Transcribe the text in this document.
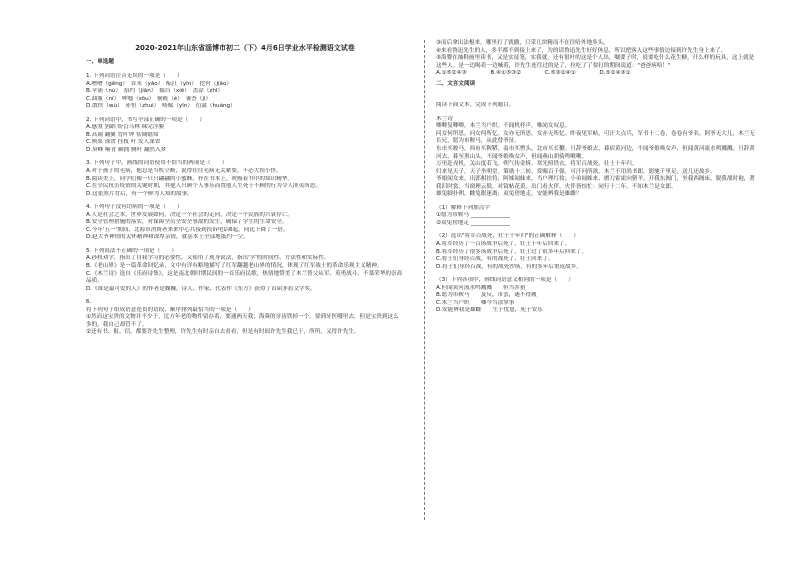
2020-2021年山东省淄博市初二（下）4月6日学业水平检测语文试卷
一、单选题
1. 下列词语注音无误的一项是（　　）
A.嘈嘈（gěng）　首末（yǎo）　酝扛（yǐn）　挖衬（jiǎo）
B.苹涌（nù）　招约（jiān）　揣诌（xiē）　盖涂（zhǐ）
C.油瓶（ní）　呷嗤（sōu）　剔筱（è）　萋荟（jì）
D.散佚（wù）　赤恒（zhuì）　畴赋（yǐn）　衍潢（huáng）
2. 下列词语中，书写全部正确的一项是（　　）
A.感煞 猖蹈 纷沓乌林 秣完浮膜
B.高调 翻翼 背叶钟 恬阔嬉知
C.颊果 深省 挂枝 叶 发人深省
D.屏峰 嗬青 御拥 侧叶 翻然入梦
3. 下列句子中，画线的词语使用不恰当的两项是（　　）
A.对于孩子的毛病，他总是当机立断，说得往往毛病无关紧要，不必大惊小怪。
B.阅读美上，同学们像一只只翩翩的小蜜蜂，扑在书本上，吮吸着书中的知识精华。
C.在全民抗击疫情的关键时期，其他人只顾个人事乐而置他人生死于不顾的行为令人匪夷所思。
D.这张照片背后，有一个鲜为人知的故事。
4. 下列句子没有语病的一项是（　　）
A.人是社会之本，世界发展如何，决定一个社会的走向，决定一个民族的兴衰存亡。
B.安全管理措施的落实，对保障全员全安全事故的发生，确保了学生的生命安全。
C.今年'五一'期间，北海市消费者来来中心共接到投诉电话6起，同比下降了一倍。
D.赵大爷神情的关怀精神和深厚亲情，就基本上全部地抵约一空。
5. 下列说法不正确的一项是（　　）
A.孙权劝学，指出了自我学习的必要性，又使用了现身说法，指出'学'的时间性、方法性和实际性。
B.《老山界》是一篇革命回忆录，文中有详有略地描写了红军翻越老山界的情况，体现了红军战士的革命乐观主义精神。
C.《木兰诗》选自《乐府诗集》，这是南北朝时期民间的一首乐府民歌，热情地赞美了木兰替父从军、英勇战斗、不慕荣华的崇高品质。
D.《谁是最可爱的人》的作者是魏巍，诗人、作家，代表作《东方》获得了首届茅盾文学奖。
6.
将下列句子组成语意连贯的语段，顺序排列最恰当的一项是（　　）
①然而这宝贵的文物并不少于，比方年老的物件留存着，要通两天我；海葵的牙齿铁掉一个，要到牙医哪里去，但是宝贵到这么多的，我自己却管不了。
②还有书、报、信，都要许先生整理，许先生有时亲自去看看，但是有时间许先生我已于，所所，又得许先生。
③而后拿出法棍来，哪里打了就撤，只采几块精而不在往哈外地多头。
④来看鲁迅先生的人，多半都不到接上来了，为的请鲁迅先生好好休息，所以把客人这些事情边接到许先生身上来了。
⑤海婴在抽鞋画里读书，又是实徒笔，实我就，还有很叶的这是个人出，嘱要子时，说要吃什么花生糖，什么样的玩具，这上就是这些人。是一边喝着一边喊着，许先生连往过的是了，拉吃了了要打的期间说道："爸爸病哈！"
A.①⑤②④③	B.④①⑤③②	C.⑤③②④①	D.⑤②④③①
二、文言文阅读
阅读下面文本，完成下列题目。
木兰诗
唧唧复唧唧，木兰当户织。不闻机杼声，唯闻女叹息。
问女何所思，问女何所忆。女亦无所思，女亦无所忆。昨夜见军帖，可汗大点兵，军书十二卷，卷卷有爷名。阿爷无大儿，木兰无长兄，愿为市鞍马，从此替爷征。
东市买骏马，西市买鞍鞯，南市买辔头，北市买长鞭。旦辞爷娘去，暮宿黄河边，不闻爷娘唤女声，但闻黄河流水鸣溅溅。旦辞黄河去，暮至黑山头，不闻爷娘唤女声，但闻燕山胡骑鸣啾啾。
万里赴戎机，关山度若飞。朔气传金柝，寒光照铁衣。将军百战死，壮士十年归。
归来见天子，天子坐明堂。策勋十二转，赏赐百千强。可汗问所欲，木兰不用尚书郎，愿驰千里足，送儿还故乡。
爷娘闻女来，出郭相扶将；阿姊闻妹来，当户理红妆；小弟闻姊来，磨刀霍霍向猪羊。开我东阁门，坐我西阁床，脱我战时袍，著我旧时裳。当窗理云鬓，对镜帖花黄。出门看火伴，火伴皆惊忙：同行十二年，不知木兰是女郎。
雄兔脚扑朔，雌兔眼迷离；双兔傍地走，安能辨我是雄雌？
（1）解释下列加点字
①愿为市鞍马 ______________
②双兔傍地走 ______________
（2）选出"将军百战死，壮士十年归"的正确解释（　　）
A.将军经历了一百场战争后死了，壮士十年后回来了。
B.将军经历了很多场战争后死了，壮士过了很多年后回来了。
C.将士们身经百战，有的战死了，壮士回来了。
D.将士们身经百战，有的战死沙场，有的多年后重返故乡。
（3）下列各项中，画线词语意义相同的一项是（　　）
A.但闻黄河流水鸣溅溅　　但当涉猎
B.愿为市鞍马　　及反，市罢，遂不得履
C.木兰当户织　　卿今当涂掌事
D.安能辨我是雄雌　　生于忧患，死于安乐
